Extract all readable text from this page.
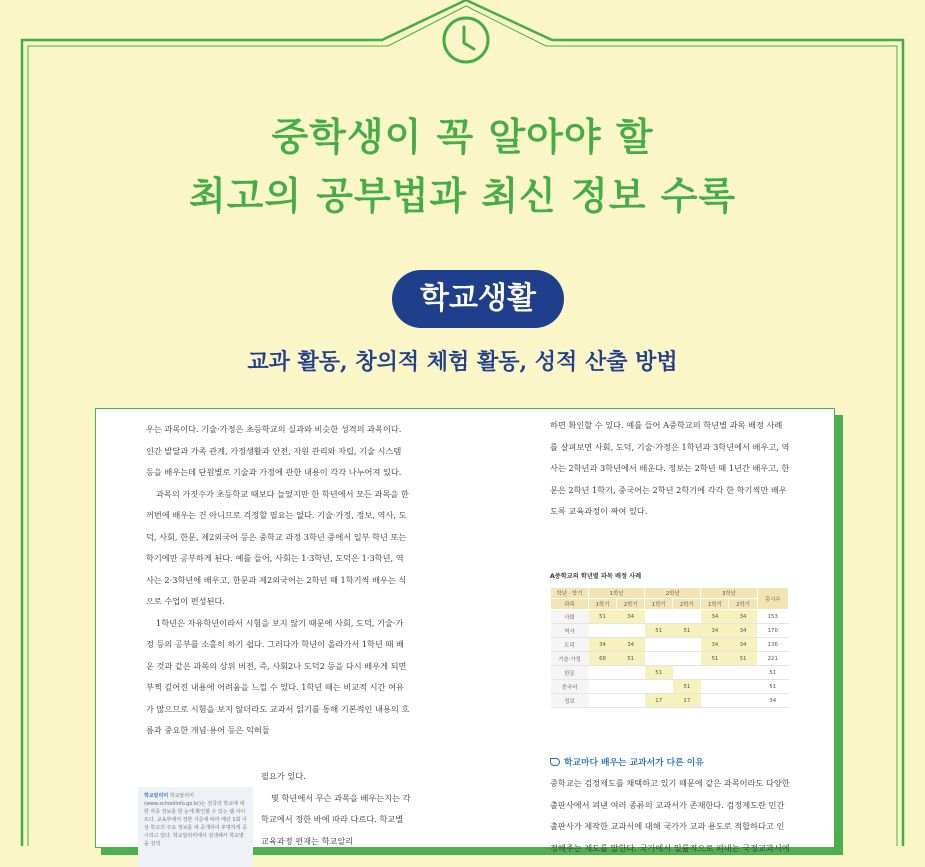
중학생이 꼭 알아야 할
최고의 공부법과 최신 정보 수록
학교생활
교과 활동, 창의적 체험 활동, 성적 산출 방법

우는 과목이다. 기술·가정은 초등학교의 실과와 비슷한 성격의 과목이다. 인간 발달과 가족 관계, 가정생활과 안전, 자원 관리와 자립, 기술 시스템 등을 배우는데 단원별로 기술과 가정에 관한 내용이 각각 나누어져 있다.

과목의 가짓수가 초등학교 때보다 늘었지만 한 학년에서 모든 과목을 한꺼번에 배우는 건 아니므로 걱정할 필요는 없다. 기술·가정, 정보, 역사, 도덕, 사회, 한문, 제2외국어 등은 중학교 과정 3학년 중에서 일부 학년 또는 학기에만 공부하게 된다. 예를 들어, 사회는 1·3학년, 도덕은 1·3학년, 역사는 2·3학년에 배우고, 한문과 제2외국어는 2학년 때 1학기씩 배우는 식으로 수업이 편성된다.

1학년은 자유학년이라서 시험을 보지 않기 때문에 사회, 도덕, 기술·가정 등의 공부를 소홀히 하기 쉽다. 그러다가 학년이 올라가서 1학년 때 배운 것과 같은 과목의 상위 버전, 즉, 사회2나 도덕2 등을 다시 배우게 되면 부쩍 깊어진 내용에 어려움을 느낄 수 있다. 1학년 때는 비교적 시간 여유가 많으므로 시험을 보지 않더라도 교과서 읽기를 통해 기본적인 내용의 흐름과 중요한 개념·용어 등은 익혀둘

필요가 있다.

몇 학년에서 무슨 과목을 배우는지는 각 학교에서 정한 바에 따라 다르다. 학교별 교육과정 편재는 학교알리

학교알리미 학교알리미(www.schoolinfo.go.kr)는 전국의 학교에 대한 각종 정보를 한 눈에 확인할 수 있는 웹 사이트다. 교육부에서 정한 기준에 따라 매년 1회 이상 학교의 주요 정보를 에 공개하여 투명하게 공시하고 있다. 학교알리미에서 검색해서 학교명을 검색

하면 확인할 수 있다. 예를 들어 A중학교의 학년별 과목 배정 사례를 살펴보면 사회, 도덕, 기술·가정은 1학년과 3학년에서 배우고, 역사는 2학년과 3학년에서 배운다. 정보는 2학년 때 1년간 배우고, 한문은 2학년 1학기, 중국어는 2학년 2학기에 각각 한 학기씩만 배우도록 교육과정이 짜여 있다.

A중학교의 학년별 과목 배정 사례
학년 · 학기	1학년		2학년		3학년		총시수
과목	1학기	2학기	1학기	2학기	1학기	2학기	
사회	51	34			34	34	153
역사			51	51	34	34	170
도덕	34	34			34	34	136
기술·가정	68	51			51	51	221
한문			51				51
중국어				51			51
정보			17	17			34
학교마다 배우는 교과서가 다른 이유

중학교는 검정제도를 채택하고 있기 때문에 같은 과목이라도 다양한 출판사에서 펴낸 여러 종류의 교과서가 존재한다. 검정제도란 민간 출판사가 제작한 교과서에 대해 국가가 교과 용도로 적합하다고 인정해주는 제도를 말한다. 국가에서 일률적으로 펴내는 국정교과서에
